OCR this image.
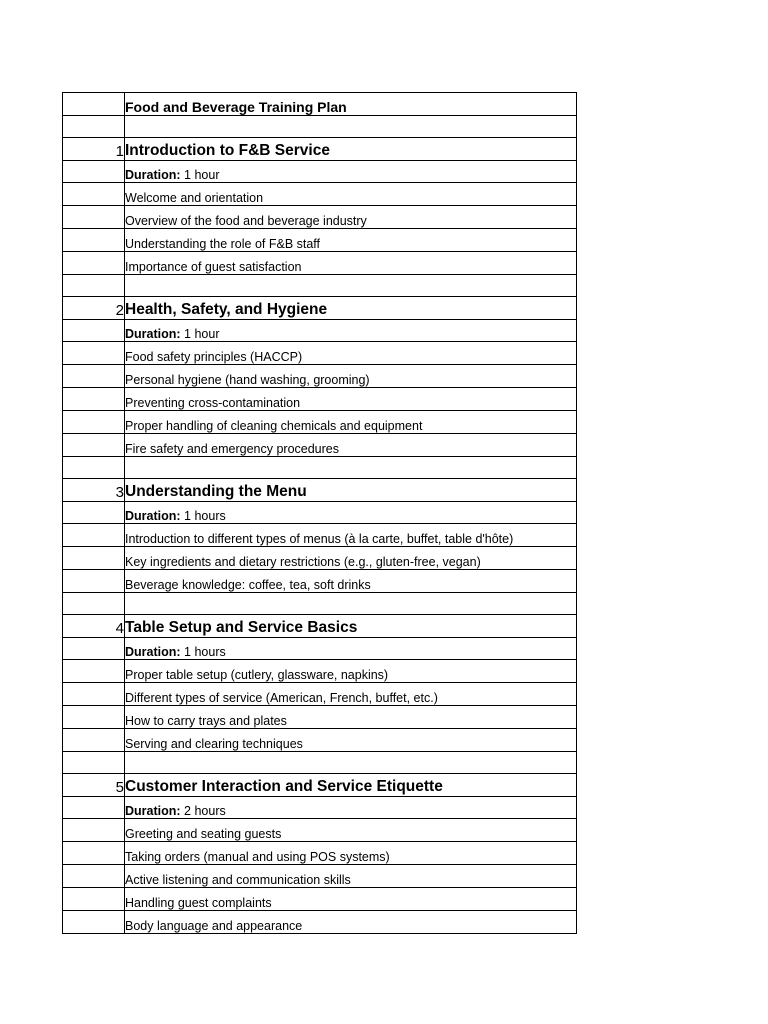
	Food and Beverage Training Plan

1	Introduction to F&B Service
	Duration: 1 hour
	Welcome and orientation
	Overview of the food and beverage industry
	Understanding the role of F&B staff
	Importance of guest satisfaction

2	Health, Safety, and Hygiene
	Duration: 1 hour
	Food safety principles (HACCP)
	Personal hygiene (hand washing, grooming)
	Preventing cross-contamination
	Proper handling of cleaning chemicals and equipment
	Fire safety and emergency procedures

3	Understanding the Menu
	Duration: 1 hours
	Introduction to different types of menus (à la carte, buffet, table d'hôte)
	Key ingredients and dietary restrictions (e.g., gluten-free, vegan)
	Beverage knowledge: coffee, tea, soft drinks

4	Table Setup and Service Basics
	Duration: 1 hours
	Proper table setup (cutlery, glassware, napkins)
	Different types of service (American, French, buffet, etc.)
	How to carry trays and plates
	Serving and clearing techniques

5	Customer Interaction and Service Etiquette
	Duration: 2 hours
	Greeting and seating guests
	Taking orders (manual and using POS systems)
	Active listening and communication skills
	Handling guest complaints
	Body language and appearance
